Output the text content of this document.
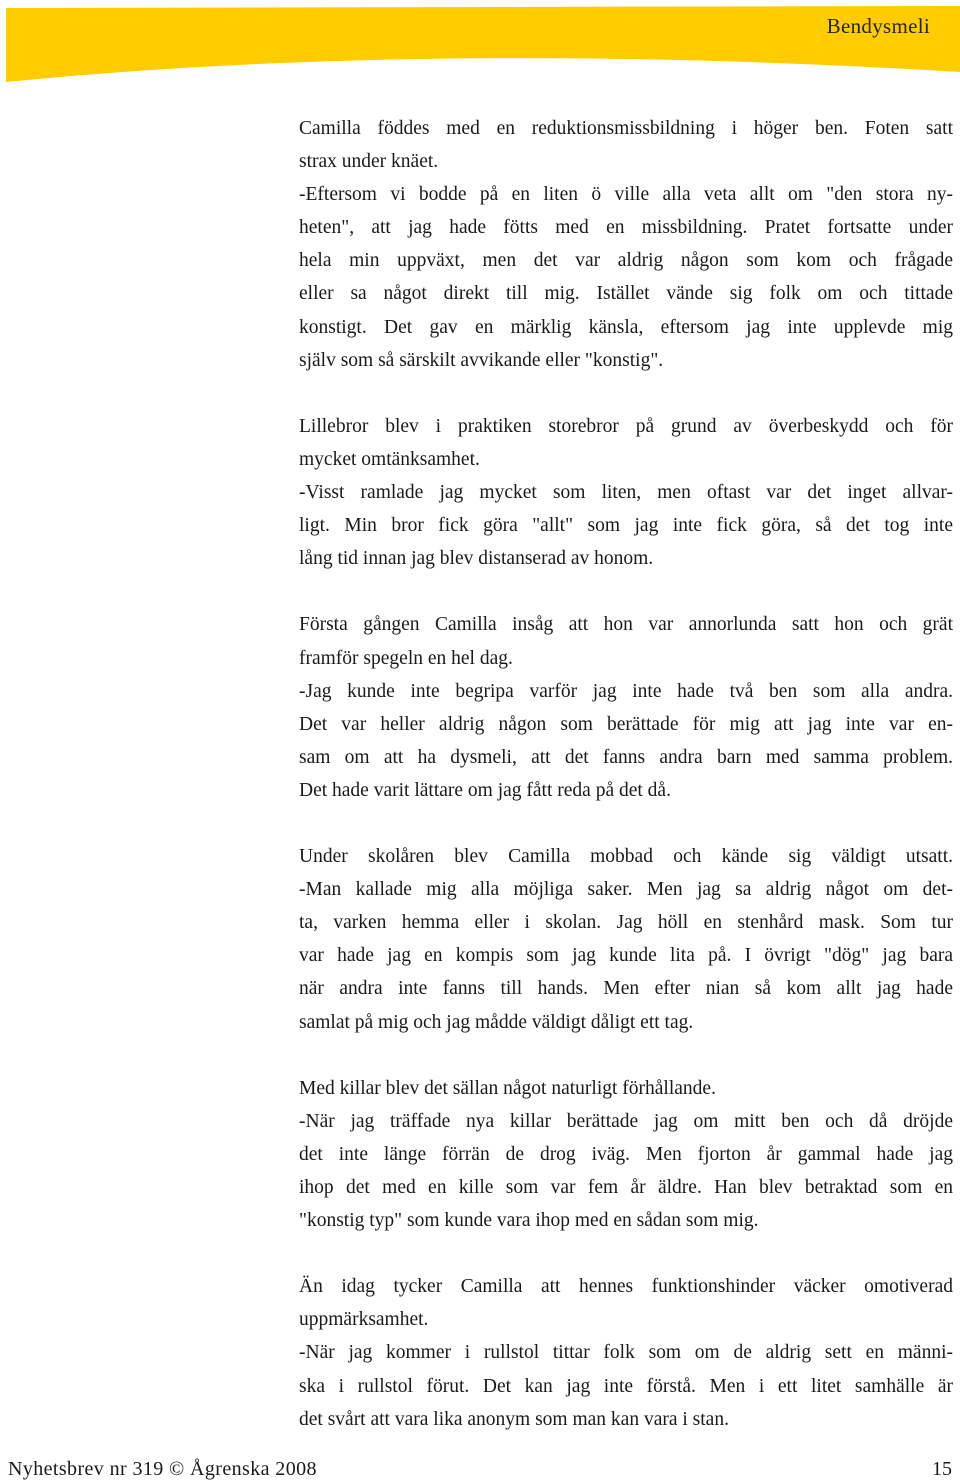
Bendysmeli
Camilla föddes med en reduktionsmissbildning i höger ben. Foten satt
strax under knäet.
-Eftersom vi bodde på en liten ö ville alla veta allt om "den stora ny-
heten", att jag hade fötts med en missbildning. Pratet fortsatte under
hela min uppväxt, men det var aldrig någon som kom och frågade
eller sa något direkt till mig. Istället vände sig folk om och tittade
konstigt. Det gav en märklig känsla, eftersom jag inte upplevde mig
själv som så särskilt avvikande eller "konstig".
Lillebror blev i praktiken storebror på grund av överbeskydd och för
mycket omtänksamhet.
-Visst ramlade jag mycket som liten, men oftast var det inget allvar-
ligt. Min bror fick göra "allt" som jag inte fick göra, så det tog inte
lång tid innan jag blev distanserad av honom.
Första gången Camilla insåg att hon var annorlunda satt hon och grät
framför spegeln en hel dag.
-Jag kunde inte begripa varför jag inte hade två ben som alla andra.
Det var heller aldrig någon som berättade för mig att jag inte var en-
sam om att ha dysmeli, att det fanns andra barn med samma problem.
Det hade varit lättare om jag fått reda på det då.
Under skolåren blev Camilla mobbad och kände sig väldigt utsatt.
-Man kallade mig alla möjliga saker. Men jag sa aldrig något om det-
ta, varken hemma eller i skolan. Jag höll en stenhård mask. Som tur
var hade jag en kompis som jag kunde lita på. I övrigt "dög" jag bara
när andra inte fanns till hands. Men efter nian så kom allt jag hade
samlat på mig och jag mådde väldigt dåligt ett tag.
Med killar blev det sällan något naturligt förhållande.
-När jag träffade nya killar berättade jag om mitt ben och då dröjde
det inte länge förrän de drog iväg. Men fjorton år gammal hade jag
ihop det med en kille som var fem år äldre. Han blev betraktad som en
"konstig typ" som kunde vara ihop med en sådan som mig.
Än idag tycker Camilla att hennes funktionshinder väcker omotiverad
uppmärksamhet.
-När jag kommer i rullstol tittar folk som om de aldrig sett en männi-
ska i rullstol förut. Det kan jag inte förstå. Men i ett litet samhälle är
det svårt att vara lika anonym som man kan vara i stan.
Nyhetsbrev nr 319 © Ågrenska 2008	15
